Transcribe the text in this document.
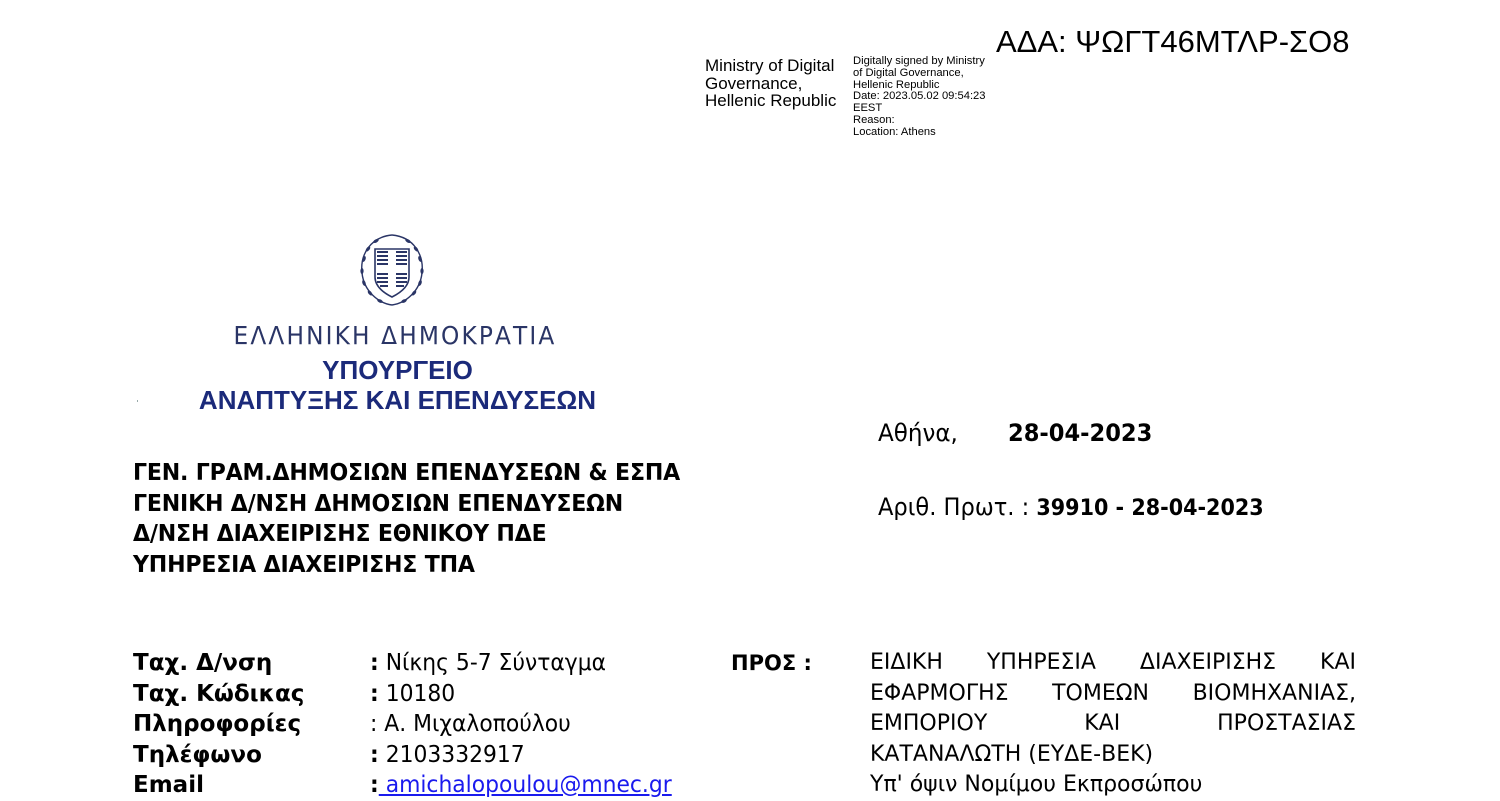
ΑΔΑ: ΨΩΓΤ46ΜΤΛΡ-ΣΟ8
Ministry of Digital
Governance,
Hellenic Republic
Digitally signed by Ministry
of Digital Governance,
Hellenic Republic
Date: 2023.05.02 09:54:23
EEST
Reason:
Location: Athens
ΕΛΛΗΝΙΚΗ ΔΗΜΟΚΡΑΤΙΑ
ΥΠΟΥΡΓΕΙΟ
ΑΝΑΠΤΥΞΗΣ ΚΑΙ ΕΠΕΝΔΥΣΕΩΝ
ΓΕΝ. ΓΡΑΜ.ΔΗΜΟΣΙΩΝ ΕΠΕΝΔΥΣΕΩΝ & ΕΣΠΑ
ΓΕΝΙΚΗ Δ/ΝΣΗ ΔΗΜΟΣΙΩΝ ΕΠΕΝΔΥΣΕΩΝ
Δ/ΝΣΗ ΔΙΑΧΕΙΡΙΣΗΣ ΕΘΝΙΚΟΥ ΠΔΕ
ΥΠΗΡΕΣΙΑ ΔΙΑΧΕΙΡΙΣΗΣ ΤΠΑ
Αθήνα, 28-04-2023
Αριθ. Πρωτ. : 39910 - 28-04-2023
Ταχ. Δ/νση	: Νίκης 5-7 Σύνταγμα
Ταχ. Κώδικας	: 10180
Πληροφορίες	: Α. Μιχαλοπούλου
Τηλέφωνο	: 2103332917
Email	: amichalopoulou@mnec.gr
ΠΡΟΣ :	ΕΙΔΙΚΗ ΥΠΗΡΕΣΙΑ ΔΙΑΧΕΙΡΙΣΗΣ ΚΑΙ
ΕΦΑΡΜΟΓΗΣ ΤΟΜΕΩΝ ΒΙΟΜΗΧΑΝΙΑΣ,
ΕΜΠΟΡΙΟΥ	ΚΑΙ	ΠΡΟΣΤΑΣΙΑΣ
ΚΑΤΑΝΑΛΩΤΗ (ΕΥΔΕ-ΒΕΚ)
Υπ' όψιν Νομίμου Εκπροσώπου
